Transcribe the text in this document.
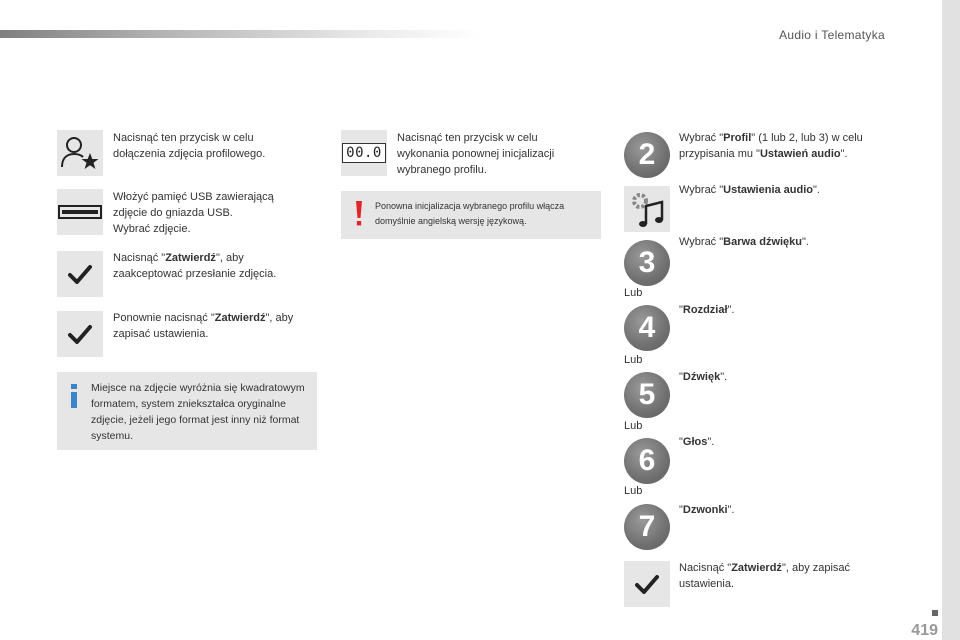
Audio i Telematyka
419
Nacisnąć ten przycisk w celu dołączenia zdjęcia profilowego.
Włożyć pamięć USB zawierającą
zdjęcie do gniazda USB.
Wybrać zdjęcie.
Nacisnąć "Zatwierdź", aby zaakceptować przesłanie zdjęcia.
Ponownie nacisnąć "Zatwierdź", aby zapisać ustawienia.
Miejsce na zdjęcie wyróżnia się kwadratowym formatem, system zniekształca oryginalne zdjęcie, jeżeli jego format jest inny niż format systemu.
00.0
Nacisnąć ten przycisk w celu wykonania ponownej inicjalizacji wybranego profilu.
Ponowna inicjalizacja wybranego profilu włącza domyślnie angielską wersję językową.
2	Wybrać "Profil" (1 lub 2, lub 3) w celu przypisania mu "Ustawień audio".
Wybrać "Ustawienia audio".
3
Wybrać "Barwa dźwięku".
Lub
4
"Rozdział".
Lub
5
"Dźwięk".
Lub
6
"Głos".
Lub
7	"Dzwonki".
Nacisnąć "Zatwierdź", aby zapisać ustawienia.
